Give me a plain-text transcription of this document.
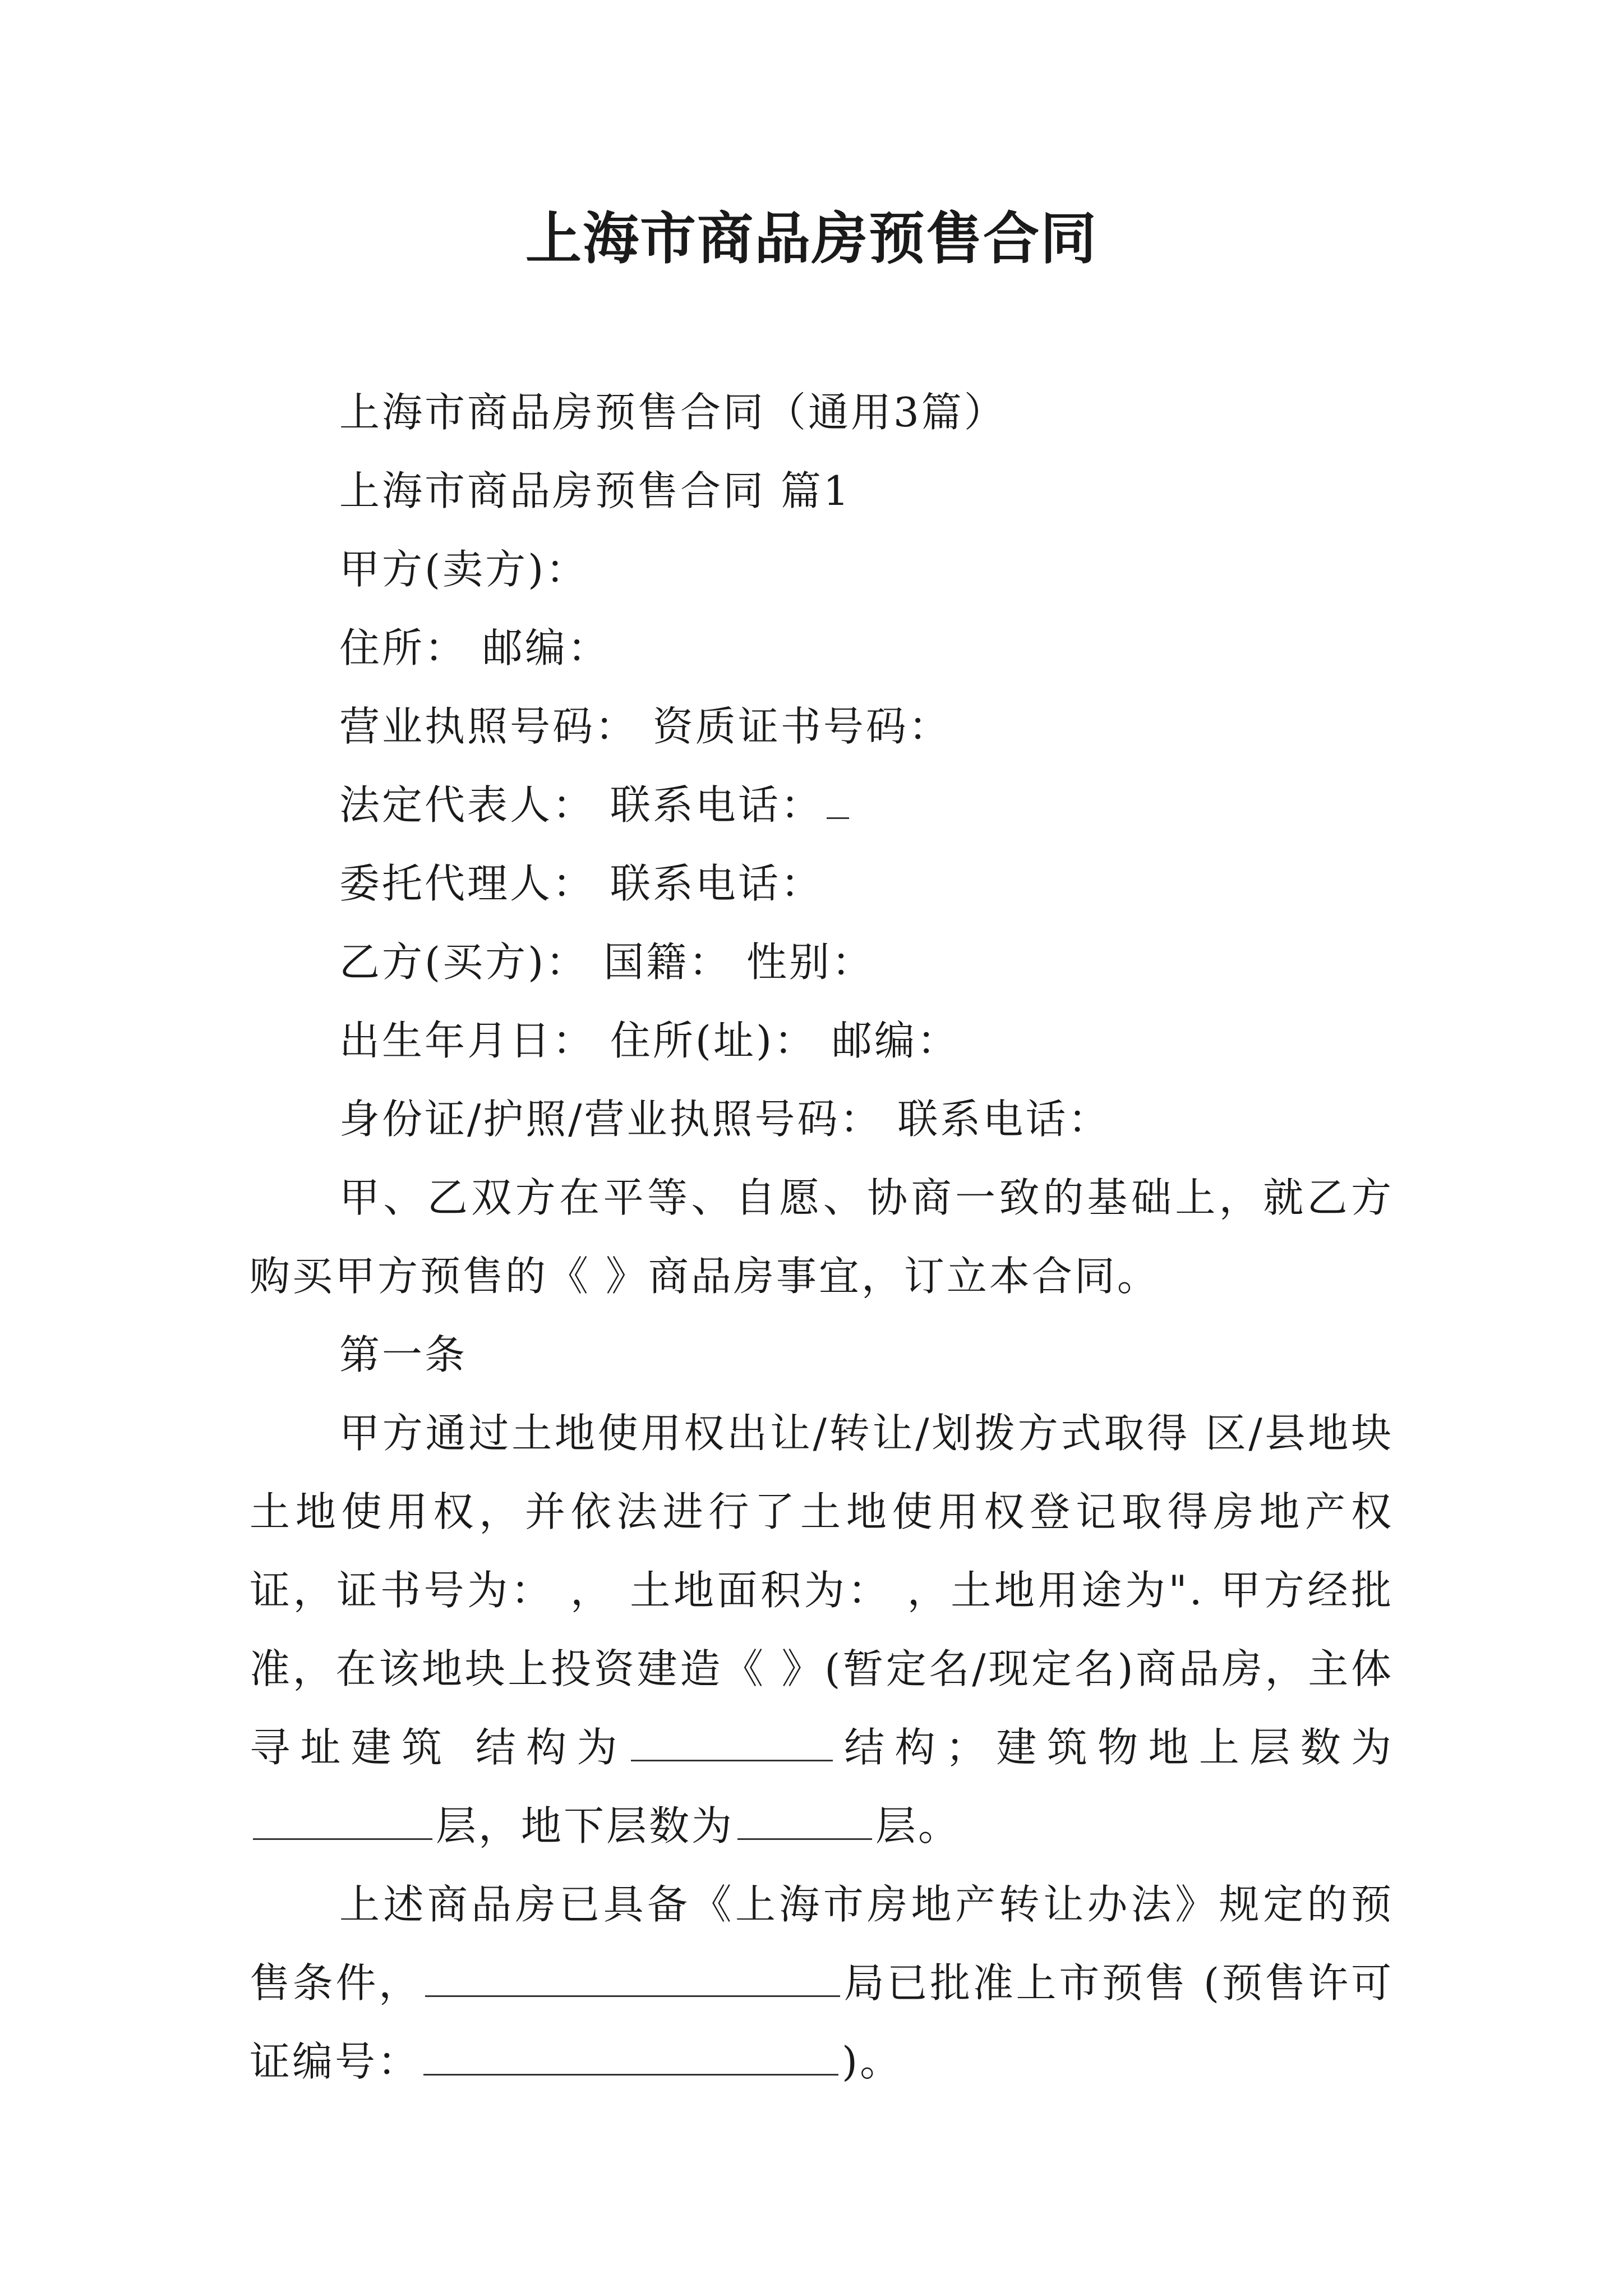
上海市商品房预售合同

上海市商品房预售合同（通用3篇）

上海市商品房预售合同 篇1

甲方(卖方)：

住所： 邮编：

营业执照号码： 资质证书号码：

法定代表人： 联系电话：

委托代理人： 联系电话：

乙方(买方)： 国籍： 性别：

出生年月日： 住所(址)： 邮编：

身份证/护照/营业执照号码： 联系电话：

甲、乙双方在平等、自愿、协商一致的基础上，就乙方购买甲方预售的《 》商品房事宜，订立本合同。

第一条

甲方通过土地使用权出让/转让/划拨方式取得 区/县地块土地使用权，并依法进行了土地使用权登记取得房地产权证，证书号为： ， 土地面积为： ，土地用途为". 甲方经批准，在该地块上投资建造《 》(暂定名/现定名)商品房，主体寻址建筑 结构为	结构；建筑物地上层数为层，地下层数为	层。

上述商品房已具备《上海市房地产转让办法》规定的预售条件，	局已批准上市预售 (预售许可证编号：	)。
